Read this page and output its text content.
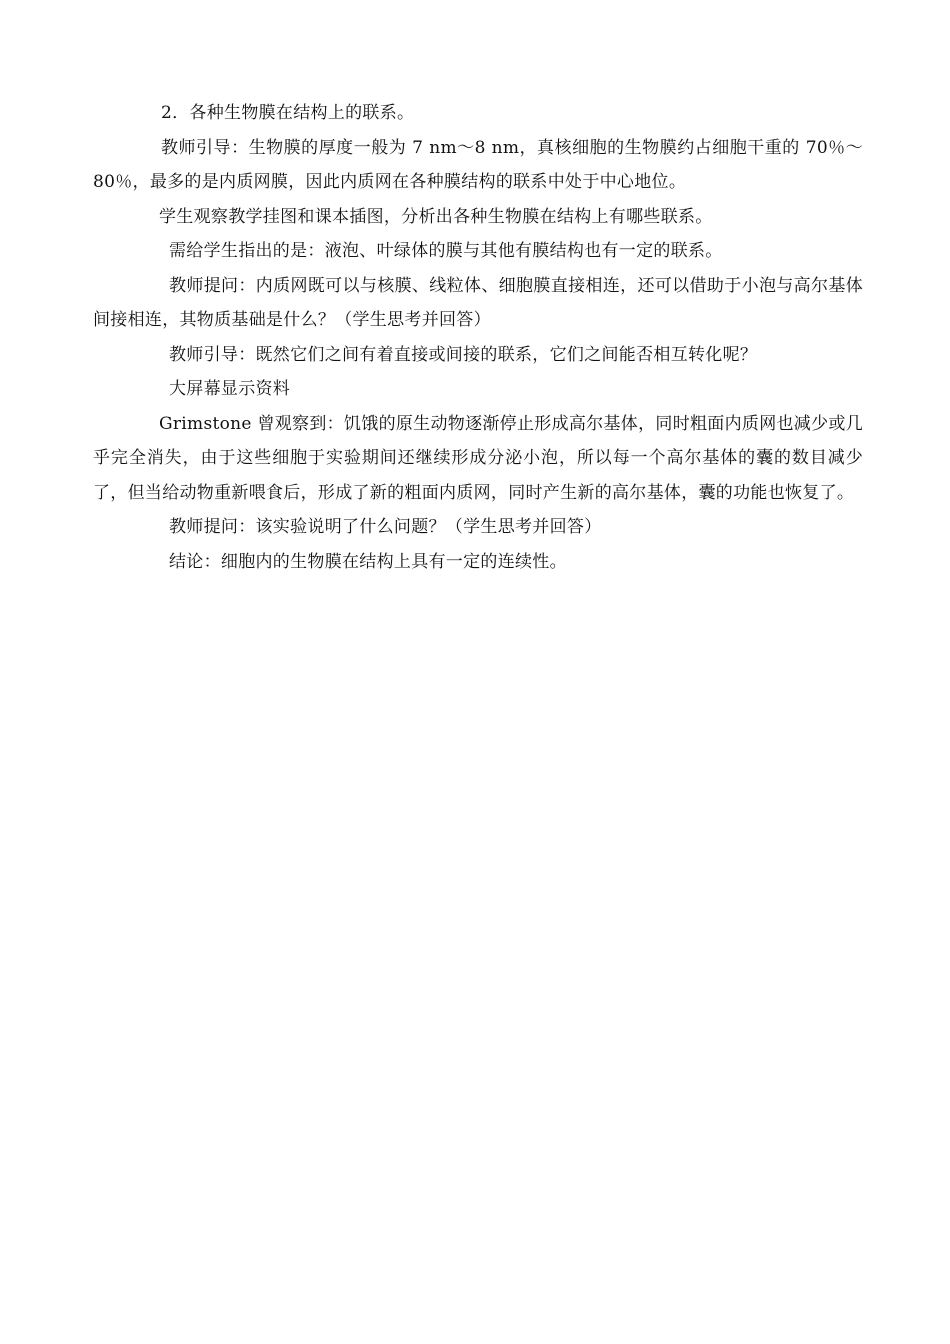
2．各种生物膜在结构上的联系。

教师引导：生物膜的厚度一般为 7 nm～8 nm，真核细胞的生物膜约占细胞干重的 70％～80％，最多的是内质网膜，因此内质网在各种膜结构的联系中处于中心地位。

学生观察教学挂图和课本插图，分析出各种生物膜在结构上有哪些联系。

需给学生指出的是：液泡、叶绿体的膜与其他有膜结构也有一定的联系。

教师提问：内质网既可以与核膜、线粒体、细胞膜直接相连，还可以借助于小泡与高尔基体间接相连，其物质基础是什么？（学生思考并回答）

教师引导：既然它们之间有着直接或间接的联系，它们之间能否相互转化呢？

大屏幕显示资料

Grimstone 曾观察到：饥饿的原生动物逐渐停止形成高尔基体，同时粗面内质网也减少或几乎完全消失，由于这些细胞于实验期间还继续形成分泌小泡，所以每一个高尔基体的囊的数目减少了，但当给动物重新喂食后，形成了新的粗面内质网，同时产生新的高尔基体，囊的功能也恢复了。

教师提问：该实验说明了什么问题？（学生思考并回答）

结论：细胞内的生物膜在结构上具有一定的连续性。
